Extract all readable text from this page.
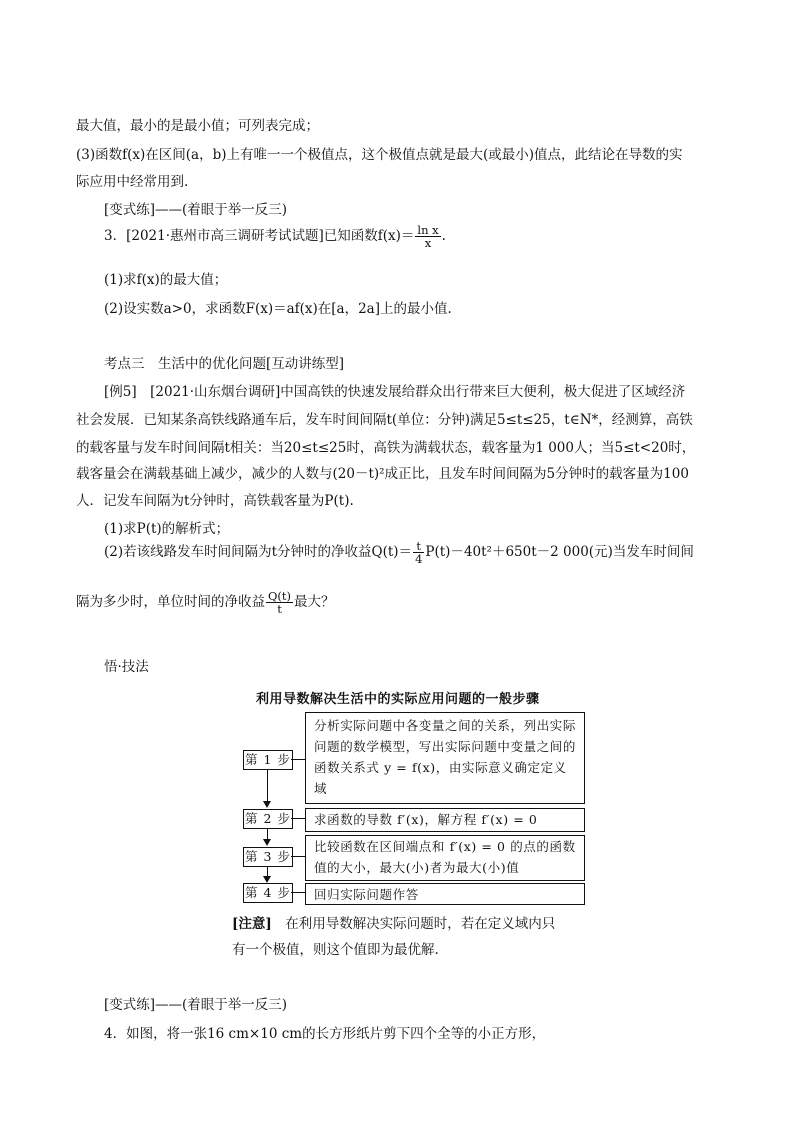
最大值，最小的是最小值；可列表完成；
(3)函数f(x)在区间(a，b)上有唯一一个极值点，这个极值点就是最大(或最小)值点，此结论在导数的实
际应用中经常用到.
[变式练]——(着眼于举一反三)
3．[2021·惠州市高三调研考试试题]已知函数$f(x)= \frac{\text{ln x}}{x}$ .
(1)求f(x)的最大值；
(2)设实数a>0，求函数F(x)＝af(x)在[a，2a]上的最小值.
考点三　生活中的优化问题[互动讲练型]
[例5]　[2021·山东烟台调研]中国高铁的快速发展给群众出行带来巨大便利，极大促进了区域经济
社会发展．已知某条高铁线路通车后，发车时间间隔t(单位：分钟)满足5≤t≤25，t∈N*，经测算，高铁
的载客量与发车时间间隔t相关：当20≤t≤25时，高铁为满载状态，载客量为1 000人；当5≤t<20时，
载客量会在满载基础上减少，减少的人数与(20－t)²成正比，且发车时间间隔为5分钟时的载客量为100
人．记发车间隔为t分钟时，高铁载客量为P(t).
(1)求P(t)的解析式；
(2)若该线路发车时间间隔为t分钟时的净收益$Q(t)= \frac{t}{4} P(t)-40t^2+650t-2$ 000(元)当发车时间间
隔为多少时，单位时间的净收益 $\frac{Q(t)}{t}$ 最大？
悟·技法
利用导数解决生活中的实际应用问题的一般步骤
分析实际问题中各变量之间的关系，列出实际问题的数学模型，写出实际问题中变量之间的函数关系式 y = f(x)，由实际意义确定定义域
第 1 步
求函数的导数 f′(x)，解方程 f′(x) = 0
第 2 步
比较函数在区间端点和 f′(x) = 0 的点的函数值的大小，最大(小)者为最大(小)值
第 3 步
回归实际问题作答
第 4 步
[注意]　 在利用导数解决实际问题时，若在定义域内只
有一个极值，则这个值即为最优解.
[变式练]——(着眼于举一反三)
4．如图，将一张16 cm×10 cm的长方形纸片剪下四个全等的小正方形，
